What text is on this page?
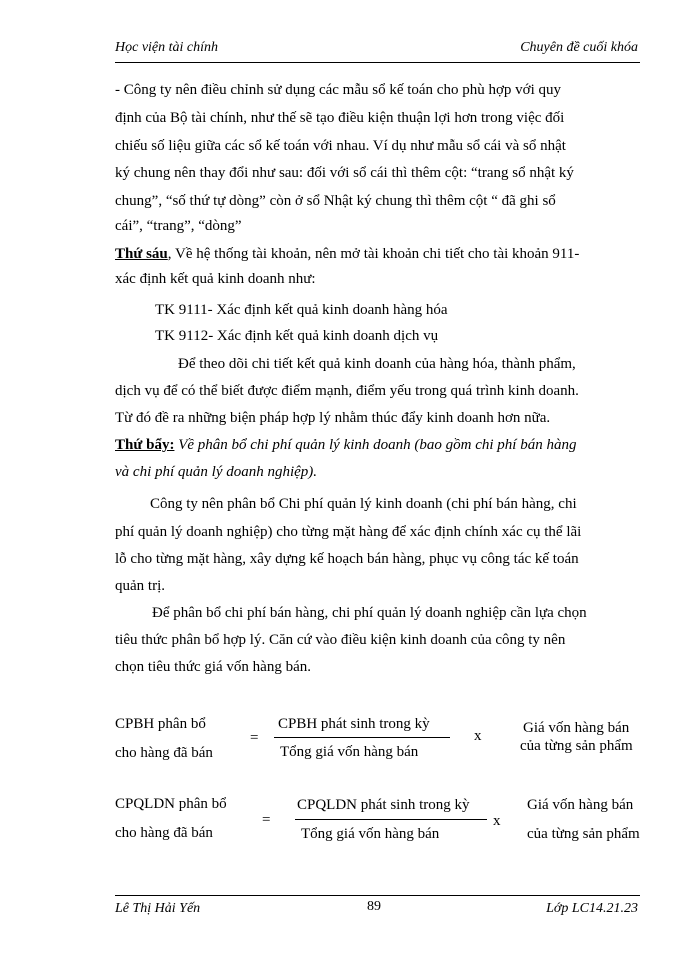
Học viện tài chính	Chuyên đề cuối khóa
- Công ty nên điều chỉnh sử dụng các mẫu sổ kế toán cho phù hợp với quy
định của Bộ tài chính, như thế sẽ tạo điều kiện thuận lợi hơn trong việc đối
chiếu số liệu giữa các sổ kế toán với nhau. Ví dụ như mẫu sổ cái và sổ nhật
ký chung nên thay đổi như sau: đối với sổ cái thì thêm cột: “trang sổ nhật ký
chung”, “số thứ tự dòng” còn ở sổ Nhật ký chung thì thêm cột “ đã ghi sổ
cái”, “trang”, “dòng”
Thứ sáu, Về hệ thống tài khoản, nên mở tài khoản chi tiết cho tài khoản 911-
xác định kết quả kinh doanh như:
TK 9111- Xác định kết quả kinh doanh hàng hóa
TK 9112- Xác định kết quả kinh doanh dịch vụ
Để theo dõi chi tiết kết quả kinh doanh của hàng hóa, thành phẩm,
dịch vụ để có thể biết được điểm mạnh, điểm yếu trong quá trình kinh doanh.
Từ đó đề ra những biện pháp hợp lý nhằm thúc đẩy kinh doanh hơn nữa.
Thứ bẩy: Về phân bổ chi phí quản lý kinh doanh (bao gồm chi phí bán hàng
và chi phí quản lý doanh nghiệp).
Công ty nên phân bổ Chi phí quản lý kinh doanh (chi phí bán hàng, chi
phí quản lý doanh nghiệp) cho từng mặt hàng để xác định chính xác cụ thể lãi
lỗ cho từng mặt hàng, xây dựng kế hoạch bán hàng, phục vụ công tác kế toán
quản trị.
Để phân bổ chi phí bán hàng, chi phí quản lý doanh nghiệp cần lựa chọn
tiêu thức phân bổ hợp lý. Căn cứ vào điều kiện kinh doanh của công ty nên
chọn tiêu thức giá vốn hàng bán.
CPBH phân bổ
cho hàng đã bán
=
CPBH phát sinh trong kỳ
Tổng giá vốn hàng bán
x	Giá vốn hàng bán
của từng sản phẩm
CPQLDN phân bổ
cho hàng đã bán
=
CPQLDN phát sinh trong kỳ
Tổng giá vốn hàng bán
x
Giá vốn hàng bán
của từng sản phẩm
Lê Thị Hải Yến	89	Lớp LC14.21.23
